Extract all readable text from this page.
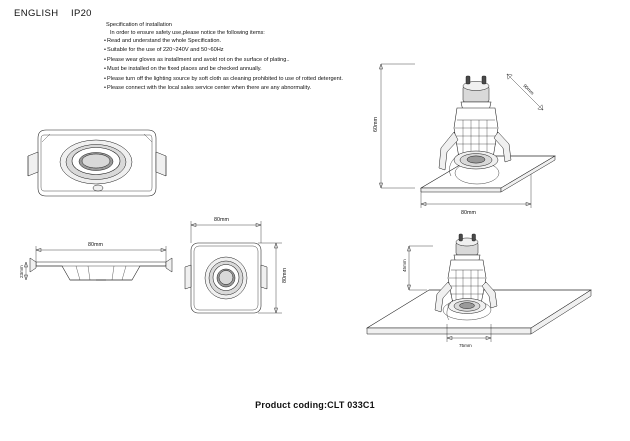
ENGLISH IP20
Specification of installation
In order to ensure safety use,please notice the following items:
• Read and understand the whole Specification.
• Suitable for the use of 220~240V and 50~60Hz
• Please wear gloves as installment and avoid rot on the surface of plating..
• Must be installed on the fixed places and be checked annually.
• Please turn off the lighting source by soft cloth as cleaning prohibited to use of rotted detergent.
• Please connect with the local sales service center when there are any abnormality.
80mm
23mm
80mm
80mm
60mm
90mm
80mm
45mm
75mm
Product coding:CLT 033C1
